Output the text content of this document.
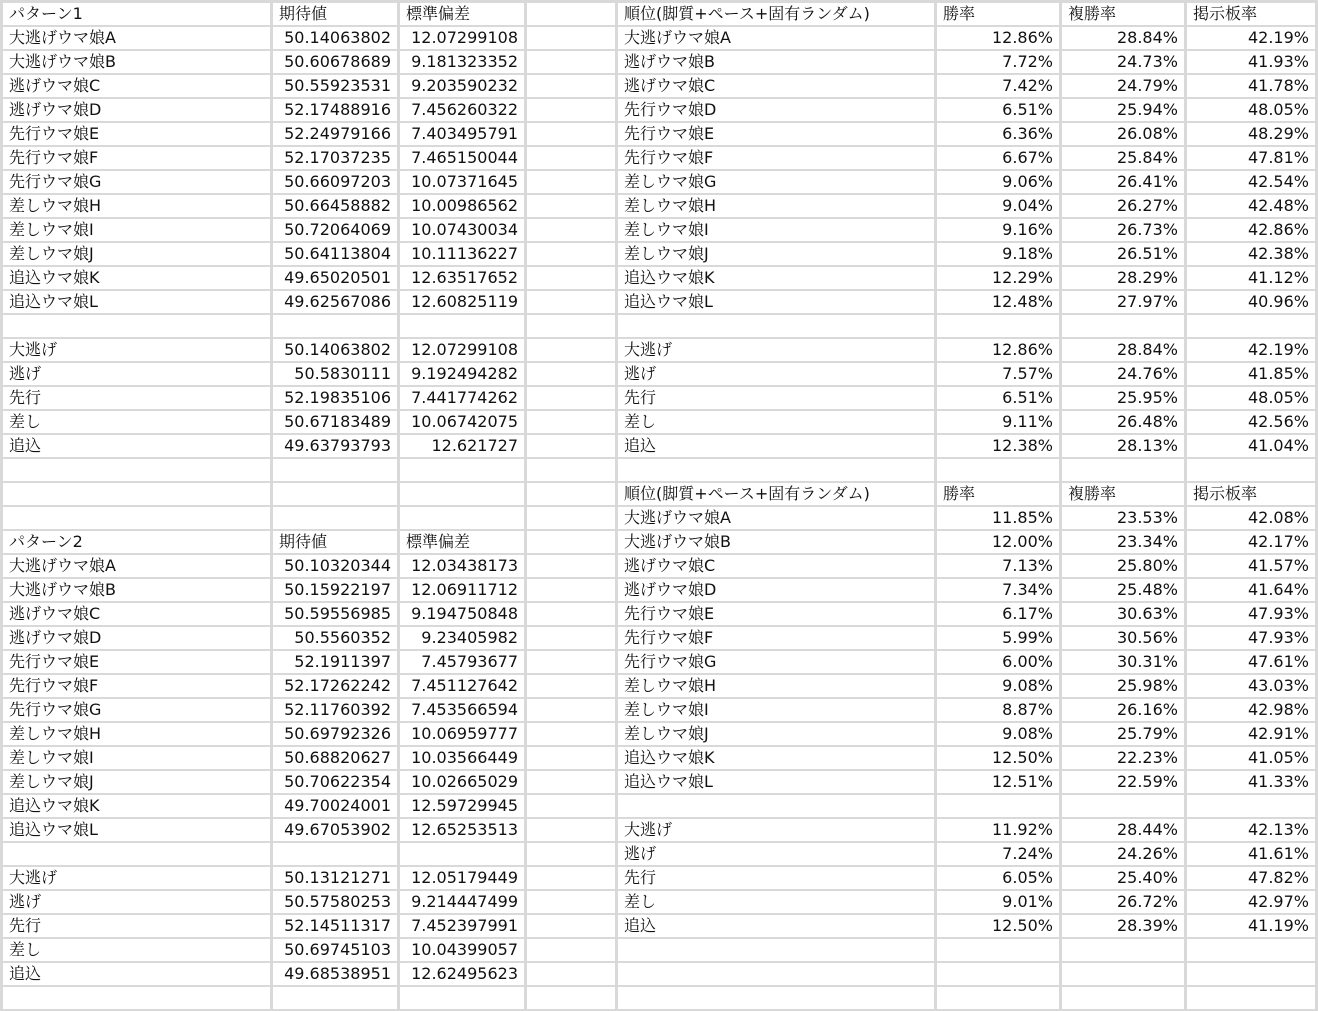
パターン1	期待値	標準偏差
大逃げウマ娘A	50.14063802	12.07299108
大逃げウマ娘B	50.60678689	9.181323352
逃げウマ娘C	50.55923531	9.203590232
逃げウマ娘D	52.17488916	7.456260322
先行ウマ娘E	52.24979166	7.403495791
先行ウマ娘F	52.17037235	7.465150044
先行ウマ娘G	50.66097203	10.07371645
差しウマ娘H	50.66458882	10.00986562
差しウマ娘I	50.72064069	10.07430034
差しウマ娘J	50.64113804	10.11136227
追込ウマ娘K	49.65020501	12.63517652
追込ウマ娘L	49.62567086	12.60825119
大逃げ	50.14063802	12.07299108
逃げ	50.5830111	9.192494282
先行	52.19835106	7.441774262
差し	50.67183489	10.06742075
追込	49.63793793	12.621727
パターン2	期待値	標準偏差
大逃げウマ娘A	50.10320344	12.03438173
大逃げウマ娘B	50.15922197	12.06911712
逃げウマ娘C	50.59556985	9.194750848
逃げウマ娘D	50.5560352	9.23405982
先行ウマ娘E	52.1911397	7.45793677
先行ウマ娘F	52.17262242	7.451127642
先行ウマ娘G	52.11760392	7.453566594
差しウマ娘H	50.69792326	10.06959777
差しウマ娘I	50.68820627	10.03566449
差しウマ娘J	50.70622354	10.02665029
追込ウマ娘K	49.70024001	12.59729945
追込ウマ娘L	49.67053902	12.65253513
大逃げ	50.13121271	12.05179449
逃げ	50.57580253	9.214447499
先行	52.14511317	7.452397991
差し	50.69745103	10.04399057
追込	49.68538951	12.62495623
順位(脚質+ペース+固有ランダム)	勝率	複勝率	掲示板率
大逃げウマ娘A	12.86%	28.84%	42.19%
逃げウマ娘B	7.72%	24.73%	41.93%
逃げウマ娘C	7.42%	24.79%	41.78%
先行ウマ娘D	6.51%	25.94%	48.05%
先行ウマ娘E	6.36%	26.08%	48.29%
先行ウマ娘F	6.67%	25.84%	47.81%
差しウマ娘G	9.06%	26.41%	42.54%
差しウマ娘H	9.04%	26.27%	42.48%
差しウマ娘I	9.16%	26.73%	42.86%
差しウマ娘J	9.18%	26.51%	42.38%
追込ウマ娘K	12.29%	28.29%	41.12%
追込ウマ娘L	12.48%	27.97%	40.96%
大逃げ	12.86%	28.84%	42.19%
逃げ	7.57%	24.76%	41.85%
先行	6.51%	25.95%	48.05%
差し	9.11%	26.48%	42.56%
追込	12.38%	28.13%	41.04%
順位(脚質+ペース+固有ランダム)	勝率	複勝率	掲示板率
大逃げウマ娘A	11.85%	23.53%	42.08%
大逃げウマ娘B	12.00%	23.34%	42.17%
逃げウマ娘C	7.13%	25.80%	41.57%
逃げウマ娘D	7.34%	25.48%	41.64%
先行ウマ娘E	6.17%	30.63%	47.93%
先行ウマ娘F	5.99%	30.56%	47.93%
先行ウマ娘G	6.00%	30.31%	47.61%
差しウマ娘H	9.08%	25.98%	43.03%
差しウマ娘I	8.87%	26.16%	42.98%
差しウマ娘J	9.08%	25.79%	42.91%
追込ウマ娘K	12.50%	22.23%	41.05%
追込ウマ娘L	12.51%	22.59%	41.33%
大逃げ	11.92%	28.44%	42.13%
逃げ	7.24%	24.26%	41.61%
先行	6.05%	25.40%	47.82%
差し	9.01%	26.72%	42.97%
追込	12.50%	28.39%	41.19%
